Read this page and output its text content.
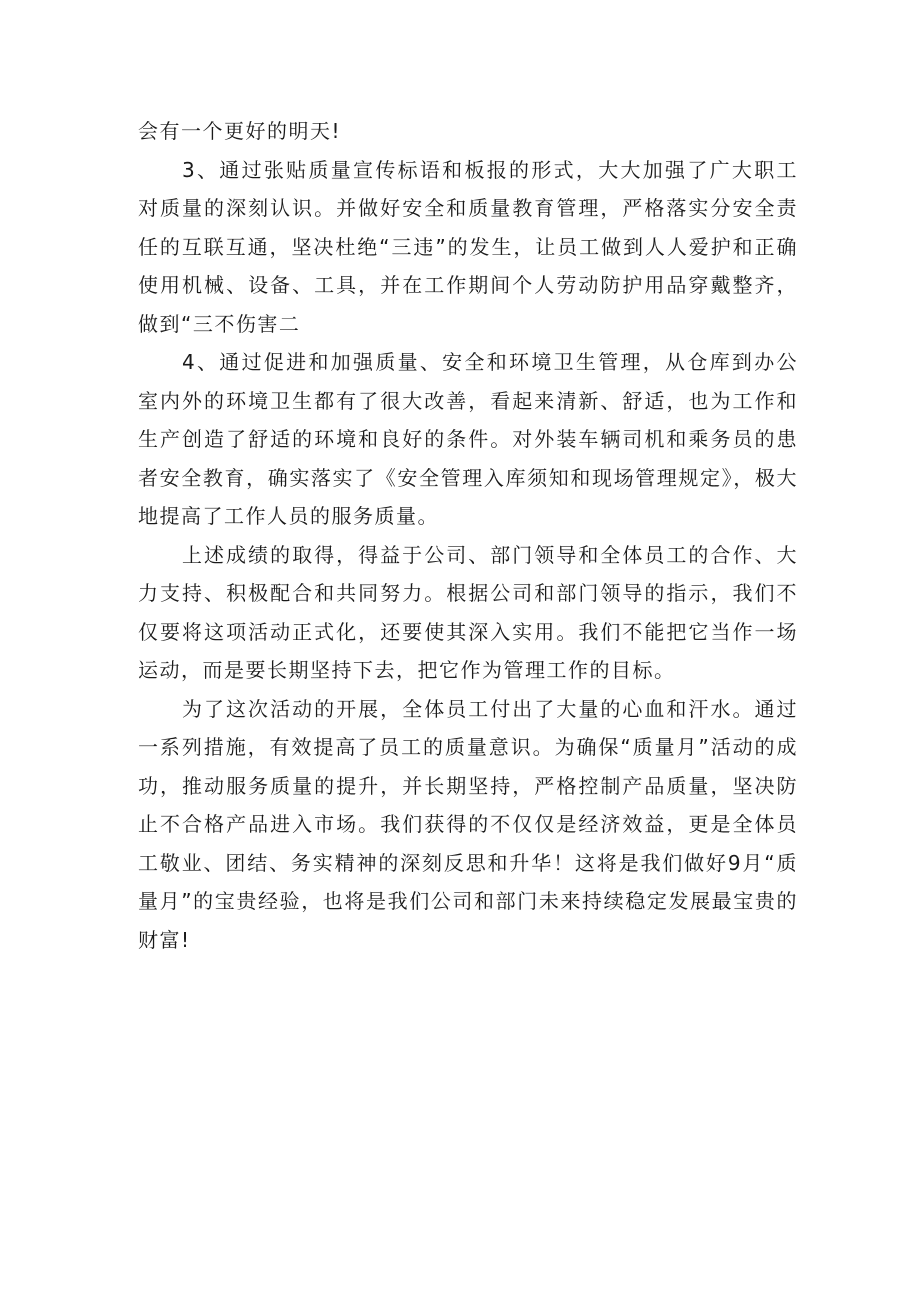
会有一个更好的明天!

3、通过张贴质量宣传标语和板报的形式，大大加强了广大职工对质量的深刻认识。并做好安全和质量教育管理，严格落实分安全责任的互联互通，坚决杜绝“三违”的发生，让员工做到人人爱护和正确使用机械、设备、工具，并在工作期间个人劳动防护用品穿戴整齐，做到“三不伤害二

4、通过促进和加强质量、安全和环境卫生管理，从仓库到办公室内外的环境卫生都有了很大改善，看起来清新、舒适，也为工作和生产创造了舒适的环境和良好的条件。对外装车辆司机和乘务员的患者安全教育，确实落实了《安全管理入库须知和现场管理规定》，极大地提高了工作人员的服务质量。

上述成绩的取得，得益于公司、部门领导和全体员工的合作、大力支持、积极配合和共同努力。根据公司和部门领导的指示，我们不仅要将这项活动正式化，还要使其深入实用。我们不能把它当作一场运动，而是要长期坚持下去，把它作为管理工作的目标。

为了这次活动的开展，全体员工付出了大量的心血和汗水。通过一系列措施，有效提高了员工的质量意识。为确保“质量月”活动的成功，推动服务质量的提升，并长期坚持，严格控制产品质量，坚决防止不合格产品进入市场。我们获得的不仅仅是经济效益，更是全体员工敬业、团结、务实精神的深刻反思和升华！这将是我们做好9月“质量月”的宝贵经验，也将是我们公司和部门未来持续稳定发展最宝贵的财富!
